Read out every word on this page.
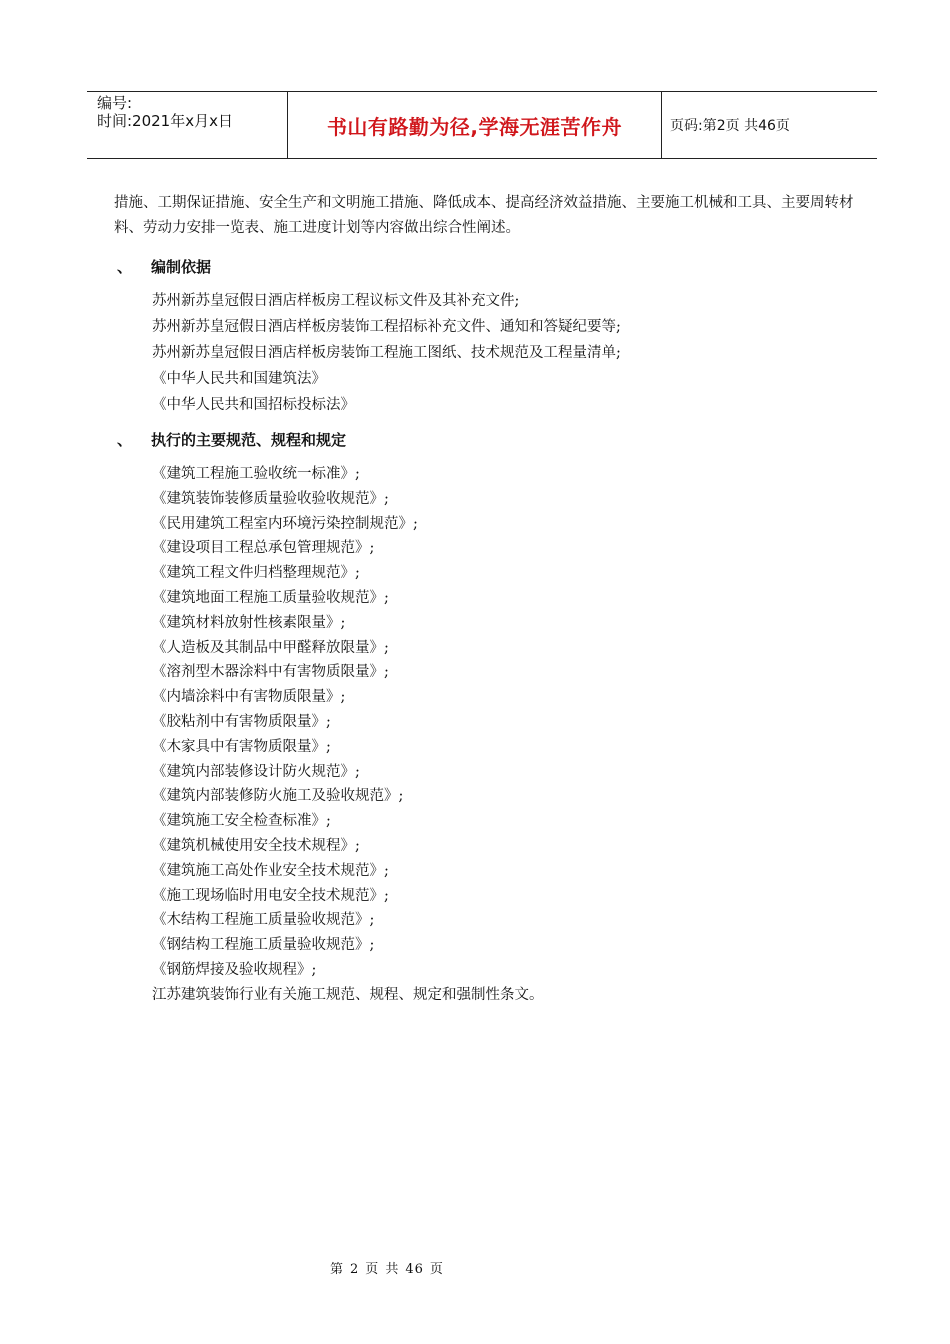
编号:
时间:2021年x月x日	书山有路勤为径,学海无涯苦作舟	页码:第2页 共46页
措施、工期保证措施、安全生产和文明施工措施、降低成本、提高经济效益措施、主要施工机械和工具、主要周转材料、劳动力安排一览表、施工进度计划等内容做出综合性阐述。
、 编制依据
苏州新苏皇冠假日酒店样板房工程议标文件及其补充文件;
苏州新苏皇冠假日酒店样板房装饰工程招标补充文件、通知和答疑纪要等;
苏州新苏皇冠假日酒店样板房装饰工程施工图纸、技术规范及工程量清单;
《中华人民共和国建筑法》
《中华人民共和国招标投标法》
、 执行的主要规范、规程和规定
《建筑工程施工验收统一标准》;
《建筑装饰装修质量验收验收规范》;
《民用建筑工程室内环境污染控制规范》;
《建设项目工程总承包管理规范》;
《建筑工程文件归档整理规范》;
《建筑地面工程施工质量验收规范》;
《建筑材料放射性核素限量》;
《人造板及其制品中甲醛释放限量》;
《溶剂型木器涂料中有害物质限量》;
《内墙涂料中有害物质限量》;
《胶粘剂中有害物质限量》;
《木家具中有害物质限量》;
《建筑内部装修设计防火规范》;
《建筑内部装修防火施工及验收规范》;
《建筑施工安全检查标准》;
《建筑机械使用安全技术规程》;
《建筑施工高处作业安全技术规范》;
《施工现场临时用电安全技术规范》;
《木结构工程施工质量验收规范》;
《钢结构工程施工质量验收规范》;
《钢筋焊接及验收规程》;
江苏建筑装饰行业有关施工规范、规程、规定和强制性条文。
第 2 页 共 46 页
